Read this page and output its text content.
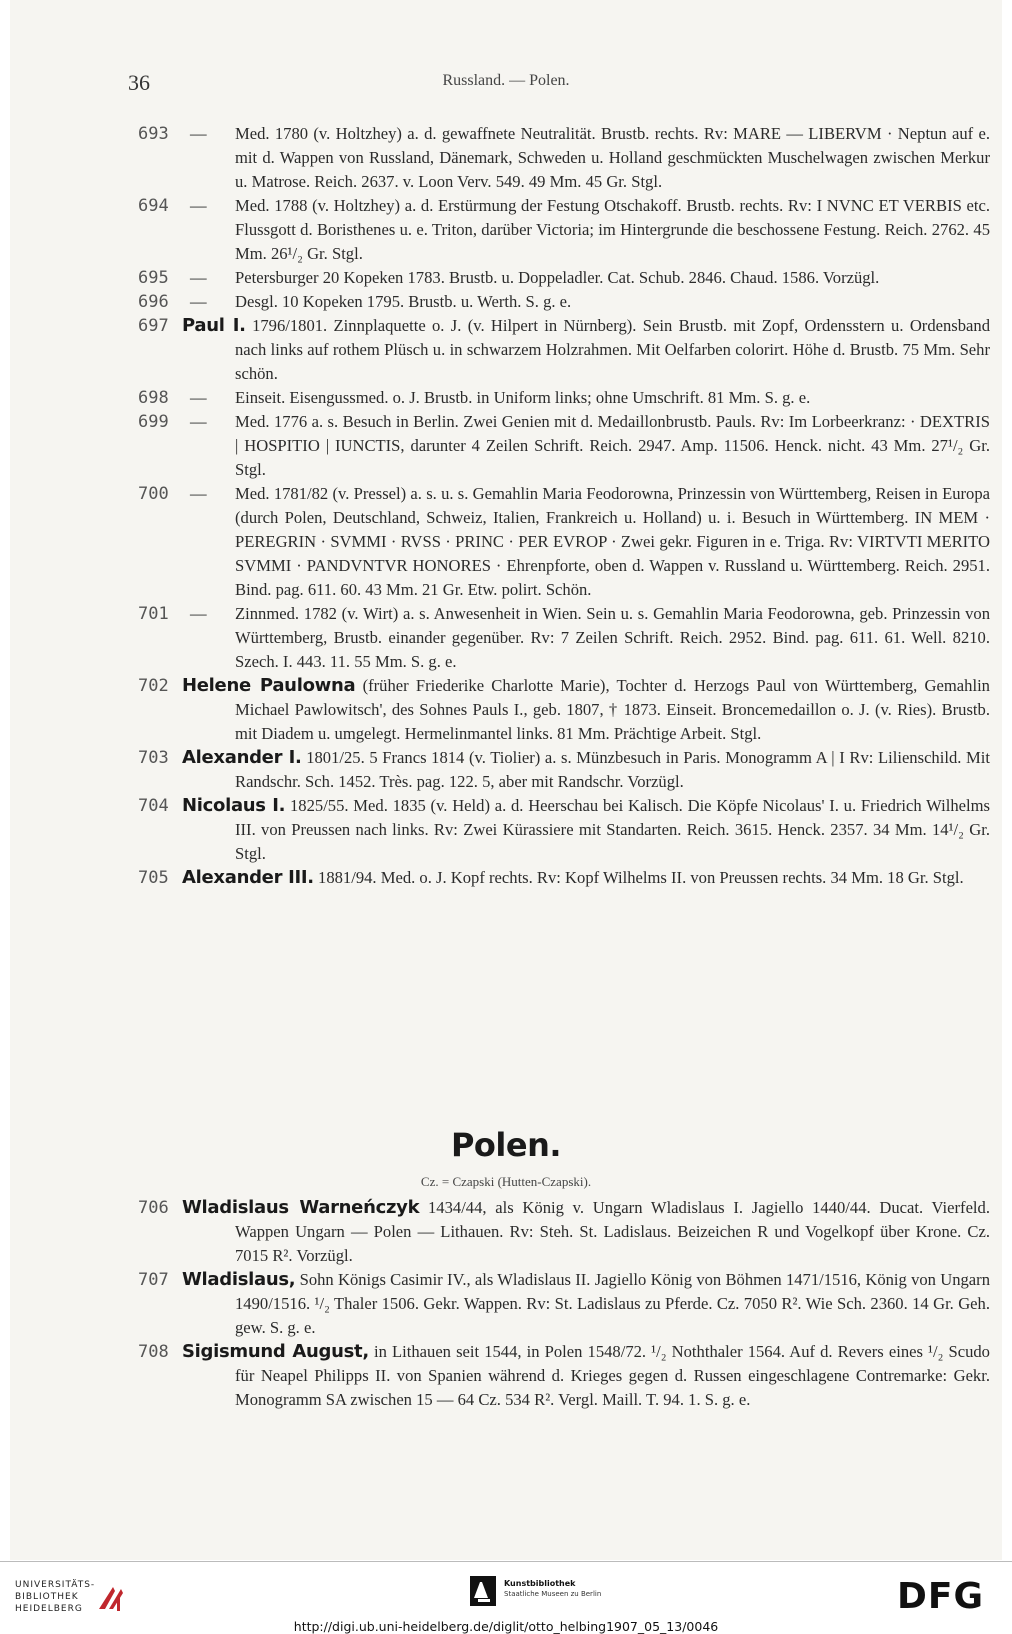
36	Russland. — Polen.
693 — Med. 1780 (v. Holtzhey) a. d. gewaffnete Neutralität. Brustb. rechts. Rv: MARE — LIBERVM · Neptun auf e. mit d. Wappen von Russland, Dänemark, Schweden u. Holland geschmückten Muschelwagen zwischen Merkur u. Matrose. Reich. 2637. v. Loon Verv. 549. 49 Mm. 45 Gr. Stgl.
694 — Med. 1788 (v. Holtzhey) a. d. Erstürmung der Festung Otschakoff. Brustb. rechts. Rv: I NVNC ET VERBIS etc. Flussgott d. Boristhenes u. e. Triton, darüber Victoria; im Hintergrunde die beschossene Festung. Reich. 2762. 45 Mm. 26¹/₂ Gr. Stgl.
695 — Petersburger 20 Kopeken 1783. Brustb. u. Doppeladler. Cat. Schub. 2846. Chaud. 1586. Vorzügl.
696 — Desgl. 10 Kopeken 1795. Brustb. u. Werth. S. g. e.
697 Paul I. 1796/1801. Zinnplaquette o. J. (v. Hilpert in Nürnberg). Sein Brustb. mit Zopf, Ordensstern u. Ordensband nach links auf rothem Plüsch u. in schwarzem Holzrahmen. Mit Oelfarben colorirt. Höhe d. Brustb. 75 Mm. Sehr schön.
698 — Einseit. Eisengussmed. o. J. Brustb. in Uniform links; ohne Umschrift. 81 Mm. S. g. e.
699 — Med. 1776 a. s. Besuch in Berlin. Zwei Genien mit d. Medaillonbrustb. Pauls. Rv: Im Lorbeerkranz: · DEXTRIS | HOSPITIO | IUNCTIS, darunter 4 Zeilen Schrift. Reich. 2947. Amp. 11506. Henck. nicht. 43 Mm. 27¹/₂ Gr. Stgl.
700 — Med. 1781/82 (v. Pressel) a. s. u. s. Gemahlin Maria Feodorowna, Prinzessin von Württemberg, Reisen in Europa (durch Polen, Deutschland, Schweiz, Italien, Frankreich u. Holland) u. i. Besuch in Württemberg. IN MEM · PEREGRIN · SVMMI · RVSS · PRINC · PER EVROP · Zwei gekr. Figuren in e. Triga. Rv: VIRTVTI MERITO SVMMI · PANDVNTVR HONORES · Ehrenpforte, oben d. Wappen v. Russland u. Württemberg. Reich. 2951. Bind. pag. 611. 60. 43 Mm. 21 Gr. Etw. polirt. Schön.
701 — Zinnmed. 1782 (v. Wirt) a. s. Anwesenheit in Wien. Sein u. s. Gemahlin Maria Feodorowna, geb. Prinzessin von Württemberg, Brustb. einander gegenüber. Rv: 7 Zeilen Schrift. Reich. 2952. Bind. pag. 611. 61. Well. 8210. Szech. I. 443. 11. 55 Mm. S. g. e.
702 Helene Paulowna (früher Friederike Charlotte Marie), Tochter d. Herzogs Paul von Württemberg, Gemahlin Michael Pawlowitsch', des Sohnes Pauls I., geb. 1807, † 1873. Einseit. Broncemedaillon o. J. (v. Ries). Brustb. mit Diadem u. umgelegt. Hermelinmantel links. 81 Mm. Prächtige Arbeit. Stgl.
703 Alexander I. 1801/25. 5 Francs 1814 (v. Tiolier) a. s. Münzbesuch in Paris. Monogramm A | I Rv: Lilienschild. Mit Randschr. Sch. 1452. Très. pag. 122. 5, aber mit Randschr. Vorzügl.
704 Nicolaus I. 1825/55. Med. 1835 (v. Held) a. d. Heerschau bei Kalisch. Die Köpfe Nicolaus' I. u. Friedrich Wilhelms III. von Preussen nach links. Rv: Zwei Kürassiere mit Standarten. Reich. 3615. Henck. 2357. 34 Mm. 14¹/₂ Gr. Stgl.
705 Alexander III. 1881/94. Med. o. J. Kopf rechts. Rv: Kopf Wilhelms II. von Preussen rechts. 34 Mm. 18 Gr. Stgl.
Polen.
Cz. = Czapski (Hutten-Czapski).
706 Wladislaus Warneńczyk 1434/44, als König v. Ungarn Wladislaus I. Jagiello 1440/44. Ducat. Vierfeld. Wappen Ungarn — Polen — Lithauen. Rv: Steh. St. Ladislaus. Beizeichen R und Vogelkopf über Krone. Cz. 7015 R². Vorzügl.
707 Wladislaus, Sohn Königs Casimir IV., als Wladislaus II. Jagiello König von Böhmen 1471/1516, König von Ungarn 1490/1516. ¹/₂ Thaler 1506. Gekr. Wappen. Rv: St. Ladislaus zu Pferde. Cz. 7050 R². Wie Sch. 2360. 14 Gr. Geh. gew. S. g. e.
708 Sigismund August, in Lithauen seit 1544, in Polen 1548/72. ¹/₂ Noththaler 1564. Auf d. Revers eines ¹/₂ Scudo für Neapel Philipps II. von Spanien während d. Krieges gegen d. Russen eingeschlagene Contremarke: Gekr. Monogramm SA zwischen 15 — 64 Cz. 534 R². Vergl. Maill. T. 94. 1. S. g. e.
UNIVERSITÄTS-
BIBLIOTHEK
HEIDELBERG
Kunstbibliothek
Staatliche Museen zu Berlin	DFG
http://digi.ub.uni-heidelberg.de/diglit/otto_helbing1907_05_13/0046
